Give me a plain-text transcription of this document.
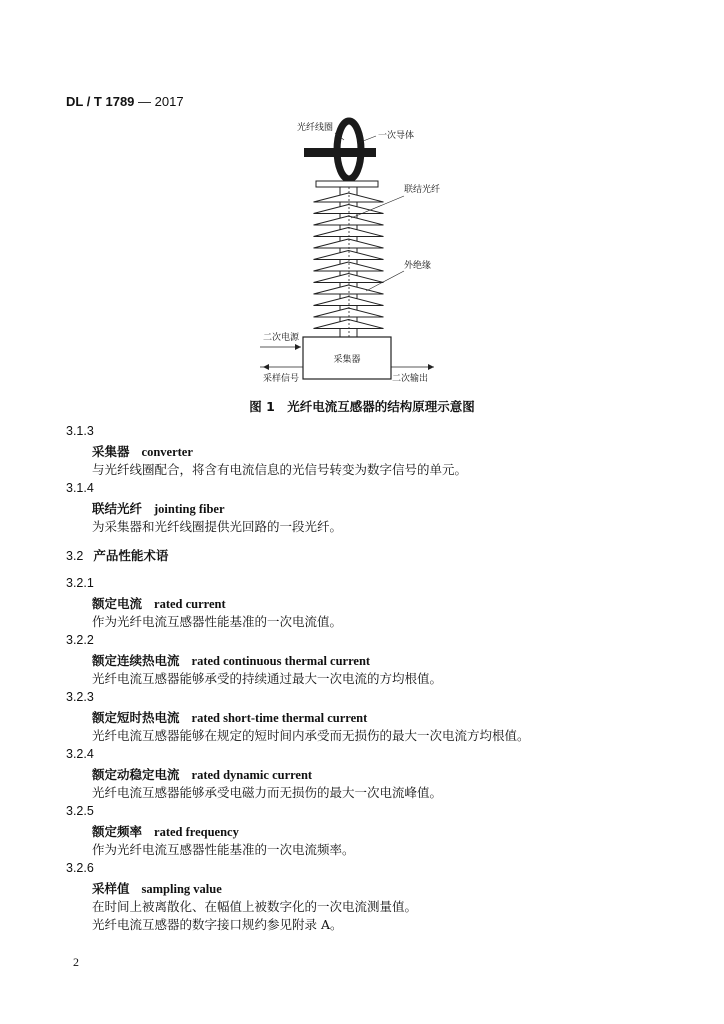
DL / T 1789 — 2017
采集器
二次电源
采样信号	二次输出
光纤线圈
一次导体
联结光纤
外绝缘
图 1　光纤电流互感器的结构原理示意图
3.1.3
采集器 converter
与光纤线圈配合，将含有电流信息的光信号转变为数字信号的单元。
3.1.4
联结光纤 jointing fiber
为采集器和光纤线圈提供光回路的一段光纤。
3.2 产品性能术语
3.2.1
额定电流 rated current
作为光纤电流互感器性能基准的一次电流值。
3.2.2
额定连续热电流 rated continuous thermal current
光纤电流互感器能够承受的持续通过最大一次电流的方均根值。
3.2.3
额定短时热电流 rated short-time thermal current
光纤电流互感器能够在规定的短时间内承受而无损伤的最大一次电流方均根值。
3.2.4
额定动稳定电流 rated dynamic current
光纤电流互感器能够承受电磁力而无损伤的最大一次电流峰值。
3.2.5
额定频率 rated frequency
作为光纤电流互感器性能基准的一次电流频率。
3.2.6
采样值 sampling value
在时间上被离散化、在幅值上被数字化的一次电流测量值。
光纤电流互感器的数字接口规约参见附录 A。
2
